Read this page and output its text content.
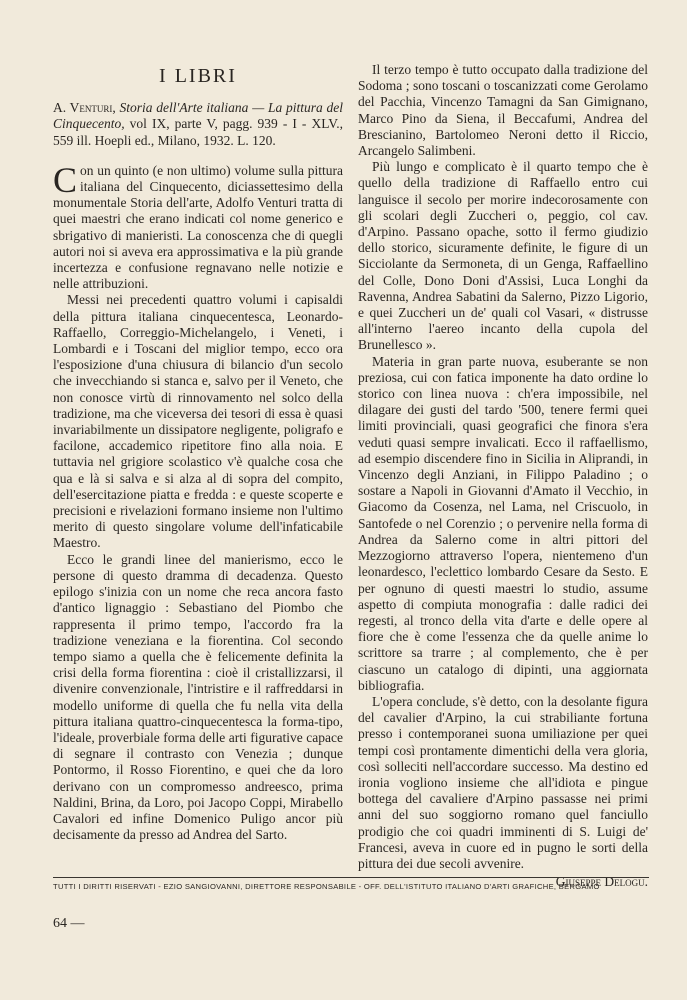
I LIBRI
A. Venturi, Storia dell'Arte italiana — La pittura del Cinquecento, vol IX, parte V, pagg. 939 - I - XLV., 559 ill. Hoepli ed., Milano, 1932. L. 120.

Con un quinto (e non ultimo) volume sulla pittura italiana del Cinquecento, diciassettesimo della monumentale Storia dell'arte, Adolfo Venturi tratta di quei maestri che erano indicati col nome generico e sbrigativo di manieristi. La conoscenza che di quegli autori noi si aveva era approssimativa e la più grande incertezza e confusione regnavano nelle notizie e nelle attribuzioni.

Messi nei precedenti quattro volumi i capisaldi della pittura italiana cinquecentesca, Leonardo-Raffaello, Correggio-Michelangelo, i Veneti, i Lombardi e i Toscani del miglior tempo, ecco ora l'esposizione d'una chiusura di bilancio d'un secolo che invecchiando si stanca e, salvo per il Veneto, che non conosce virtù di rinnovamento nel solco della tradizione, ma che viceversa dei tesori di essa è quasi invariabilmente un dissipatore negligente, poligrafo e facilone, accademico ripetitore fino alla noia. E tuttavia nel grigiore scolastico v'è qualche cosa che qua e là si salva e si alza al di sopra del compito, dell'esercitazione piatta e fredda : e queste scoperte e precisioni e rivelazioni formano insieme non l'ultimo merito di questo singolare volume dell'infaticabile Maestro.

Ecco le grandi linee del manierismo, ecco le persone di questo dramma di decadenza. Questo epilogo s'inizia con un nome che reca ancora fasto d'antico lignaggio : Sebastiano del Piombo che rappresenta il primo tempo, l'accordo fra la tradizione veneziana e la fiorentina. Col secondo tempo siamo a quella che è felicemente definita la crisi della forma fiorentina : cioè il cristallizzarsi, il divenire convenzionale, l'intristire e il raffreddarsi in modello uniforme di quella che fu nella vita della pittura italiana quattro-cinquecentesca la forma-tipo, l'ideale, proverbiale forma delle arti figurative capace di segnare il contrasto con Venezia ; dunque Pontormo, il Rosso Fiorentino, e quei che da loro derivano con un compromesso andreesco, prima Naldini, Brina, da Loro, poi Jacopo Coppi, Mirabello Cavalori ed infine Domenico Puligo ancor più decisamente da presso ad Andrea del Sarto.

Il terzo tempo è tutto occupato dalla tradizione del Sodoma ; sono toscani o toscanizzati come Gerolamo del Pacchia, Vincenzo Tamagni da San Gimignano, Marco Pino da Siena, il Beccafumi, Andrea del Brescianino, Bartolomeo Neroni detto il Riccio, Arcangelo Salimbeni.

Più lungo e complicato è il quarto tempo che è quello della tradizione di Raffaello entro cui languisce il secolo per morire indecorosamente con gli scolari degli Zuccheri o, peggio, col cav. d'Arpino. Passano opache, sotto il fermo giudizio dello storico, sicuramente definite, le figure di un Sicciolante da Sermoneta, di un Genga, Raffaellino del Colle, Dono Doni d'Assisi, Luca Longhi da Ravenna, Andrea Sabatini da Salerno, Pizzo Ligorio, e quei Zuccheri un de' quali col Vasari, « distrusse all'interno l'aereo incanto della cupola del Brunellesco ».

Materia in gran parte nuova, esuberante se non preziosa, cui con fatica imponente ha dato ordine lo storico con linea nuova : ch'era impossibile, nel dilagare dei gusti del tardo '500, tenere fermi quei limiti provinciali, quasi geografici che finora s'era veduti quasi sempre invalicati. Ecco il raffaellismo, ad esempio discendere fino in Sicilia in Aliprandi, in Vincenzo degli Anziani, in Filippo Paladino ; o sostare a Napoli in Giovanni d'Amato il Vecchio, in Giacomo da Cosenza, nel Lama, nel Criscuolo, in Santofede o nel Corenzio ; o pervenire nella forma di Andrea da Salerno come in altri pittori del Mezzogiorno attraverso l'opera, nientemeno d'un leonardesco, l'eclettico lombardo Cesare da Sesto. E per ognuno di questi maestri lo studio, assume aspetto di compiuta monografia : dalle radici dei regesti, al tronco della vita d'arte e delle opere al fiore che è come l'essenza che da quelle anime lo scrittore sa trarre ; al complemento, che è per ciascuno un catalogo di dipinti, una aggiornata bibliografia.

L'opera conclude, s'è detto, con la desolante figura del cavalier d'Arpino, la cui strabiliante fortuna presso i contemporanei suona umiliazione per quei tempi così prontamente dimentichi della vera gloria, così solleciti nell'accordare successo. Ma destino ed ironia vogliono insieme che all'idiota e pingue bottega del cavaliere d'Arpino passasse nei primi anni del suo soggiorno romano quel fanciullo prodigio che coi quadri imminenti di S. Luigi de' Francesi, aveva in cuore ed in pugno le sorti della pittura dei due secoli avvenire.

Giuseppe Delogu.

TUTTI I DIRITTI RISERVATI - EZIO SANGIOVANNI, DIRETTORE RESPONSABILE - OFF. DELL'ISTITUTO ITALIANO D'ARTI GRAFICHE, BERGAMO
64 —
